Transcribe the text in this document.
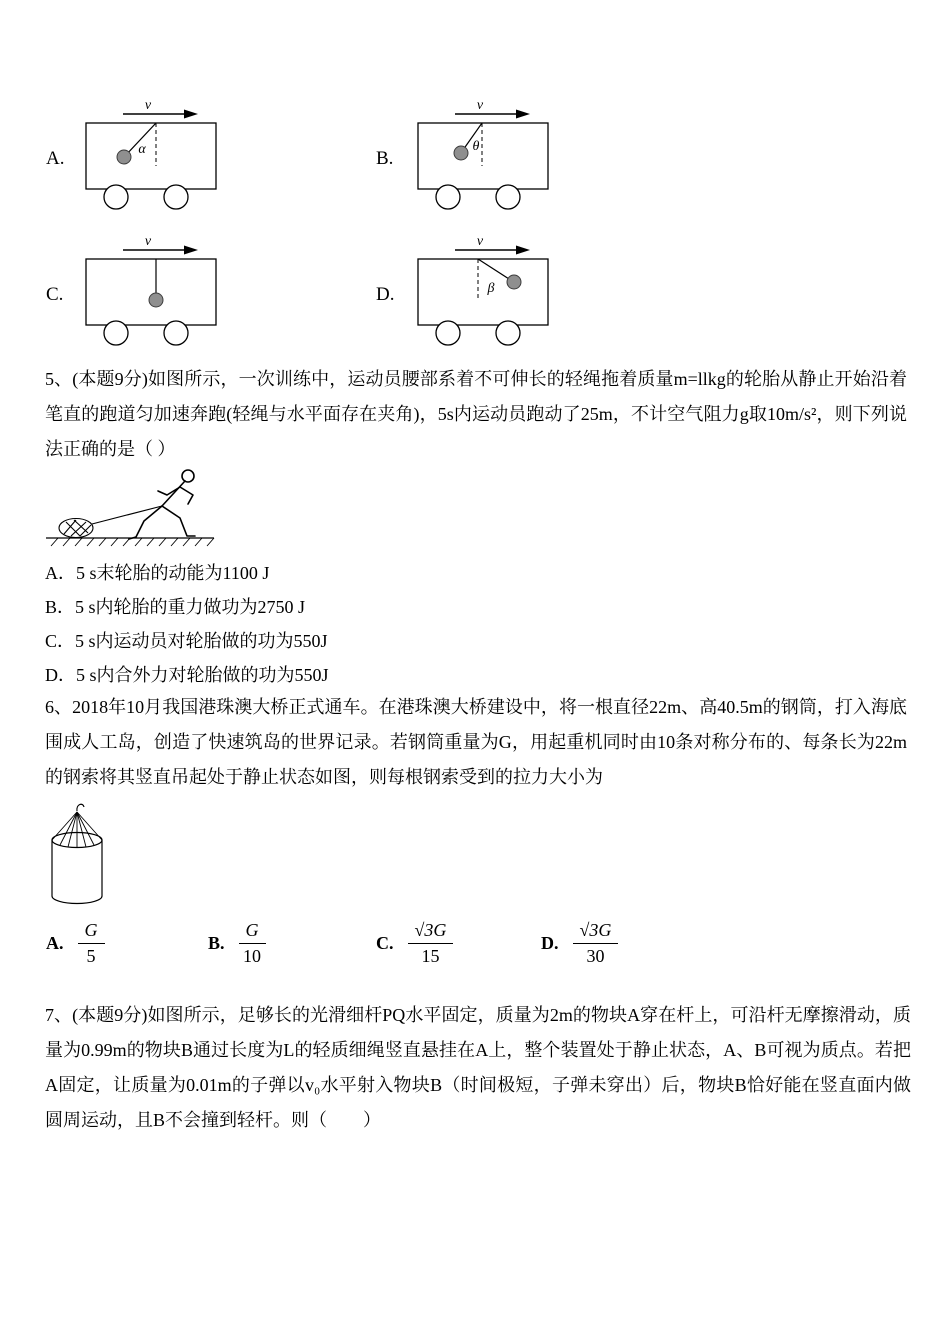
A.
v
α	B.
v
θ
C.
v
D.
v
β
5、(本题9分)如图所示，一次训练中，运动员腰部系着不可伸长的轻绳拖着质量m=llkg的轮胎从静止开始沿着笔直的跑道匀加速奔跑(轻绳与水平面存在夹角)，5s内运动员跑动了25m，不计空气阻力g取10m/s²，则下列说法正确的是（ ）
A．5 s末轮胎的动能为1100 J
B．5 s内轮胎的重力做功为2750 J
C．5 s内运动员对轮胎做的功为550J
D．5 s内合外力对轮胎做的功为550J
6、2018年10月我国港珠澳大桥正式通车。在港珠澳大桥建设中，将一根直径22m、高40.5m的钢筒，打入海底围成人工岛，创造了快速筑岛的世界记录。若钢筒重量为G，用起重机同时由10条对称分布的、每条长为22m的钢索将其竖直吊起处于静止状态如图，则每根钢索受到的拉力大小为
A. $\frac{G}{5}$	B. $\frac{G}{10}$	C. $\frac{√3G}{15}$	D. $\frac{√3G}{30}$
7、(本题9分)如图所示，足够长的光滑细杆PQ水平固定，质量为2m的物块A穿在杆上，可沿杆无摩擦滑动，质量为0.99m的物块B通过长度为L的轻质细绳竖直悬挂在A上，整个装置处于静止状态，A、B可视为质点。若把A固定，让质量为0.01m的子弹以v₀水平射入物块B（时间极短，子弹未穿出）后，物块B恰好能在竖直面内做圆周运动，且B不会撞到轻杆。则（　　）
